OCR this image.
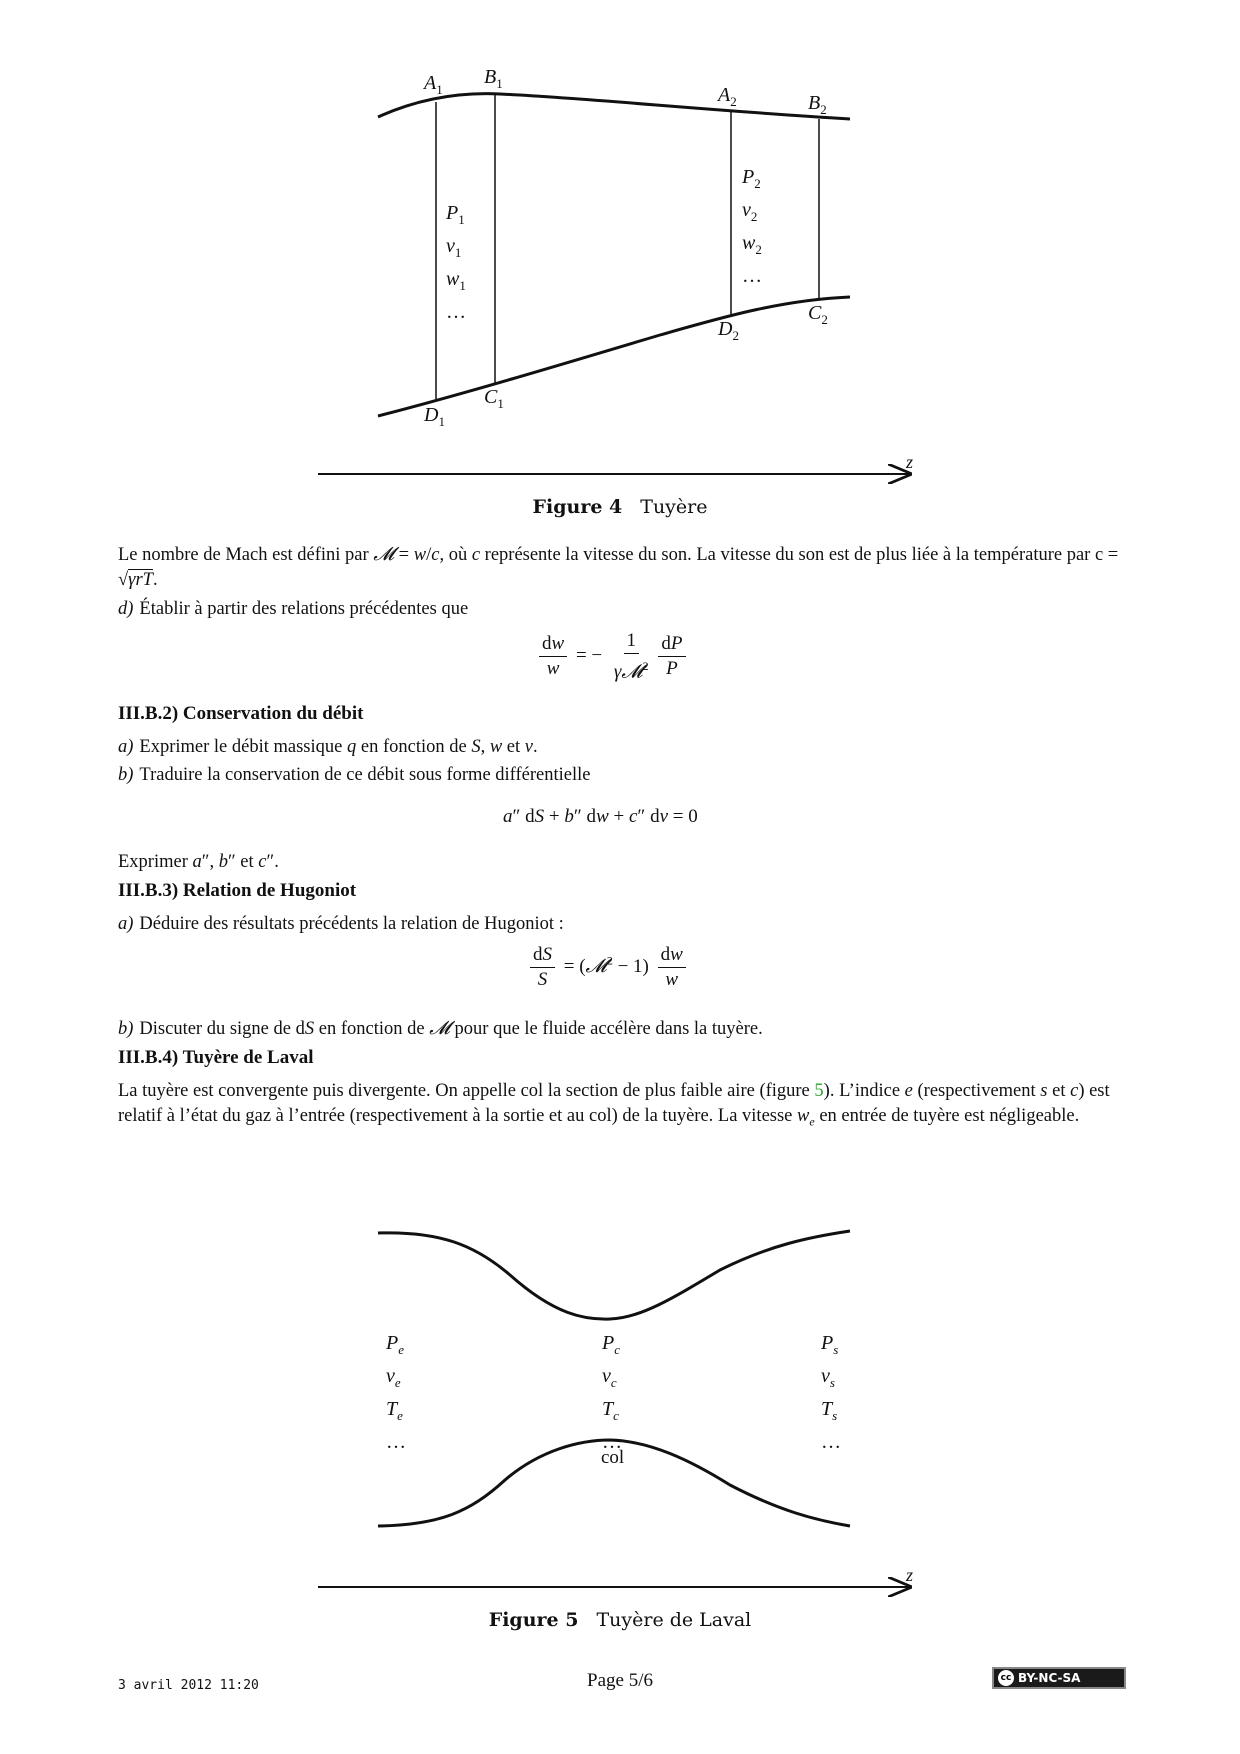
$A_1$
$B_1$
$A_2$	$B_2$
$C_1$
$D_1$
$C_2$
$D_2$
$P_1$
$v_1$
$w_1$
…
$P_2$
$v_2$
$w_2$
…
z
Figure 4 Tuyère
Le nombre de Mach est défini par 𝓜 = w/c, où c représente la vitesse du son. La vitesse du son est de plus liée à la température par c = √γrT.
d) Établir à partir des relations précédentes que
$\frac{dw}{w}$ = − $\frac{1}{\gamma 𝓜^2}$
$\frac{dP}{P}$
III.B.2) Conservation du débit
a) Exprimer le débit massique q en fonction de S, w et v.
b) Traduire la conservation de ce débit sous forme différentielle
a″ dS + b″ dw + c″ dv = 0
Exprimer a″, b″ et c″.
III.B.3) Relation de Hugoniot
a) Déduire des résultats précédents la relation de Hugoniot :
$\frac{dS}{S}$ = (𝓜$^2$ − $1) \frac{dw}{w}$
b) Discuter du signe de dS en fonction de 𝓜 pour que le fluide accélère dans la tuyère.
III.B.4) Tuyère de Laval
La tuyère est convergente puis divergente. On appelle col la section de plus faible aire (figure 5). L’indice e (respectivement s et c) est relatif à l’état du gaz à l’entrée (respectivement à la sortie et au col) de la tuyère. La vitesse $w_e$ en entrée de tuyère est négligeable.
$P_e$
$v_e$
$T_e$
…
$P_c$
$v_c$
$T_c$
…
$P_s$
$v_s$
$T_s$
…
col
z
Figure 5 Tuyère de Laval
3 avril 2012 11:20	Page 5/6	cc BY-NC-SA
